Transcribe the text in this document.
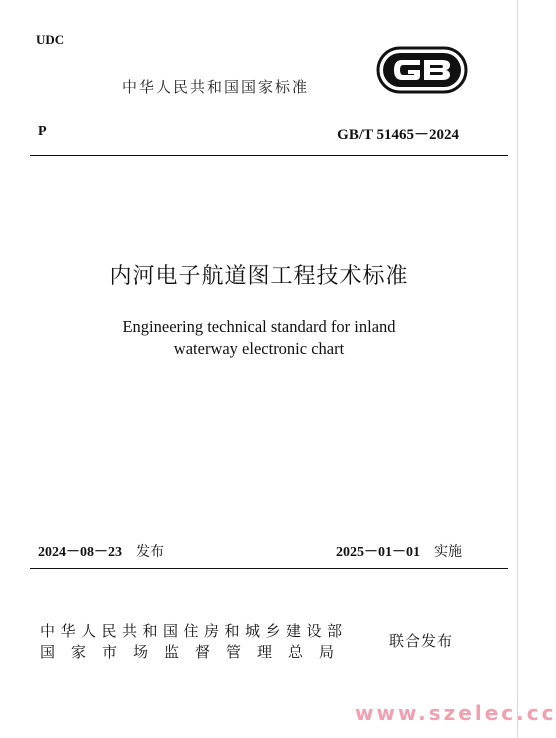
UDC
中华人民共和国国家标准
P	GB/T 51465－2024
内河电子航道图工程技术标准
Engineering technical standard for inland
waterway electronic chart
2024－08－23 发布	2025－01－01 实施
中华人民共和国住房和城乡建设部
国家市场监督管理总局
联合发布
www.szelec.cc
